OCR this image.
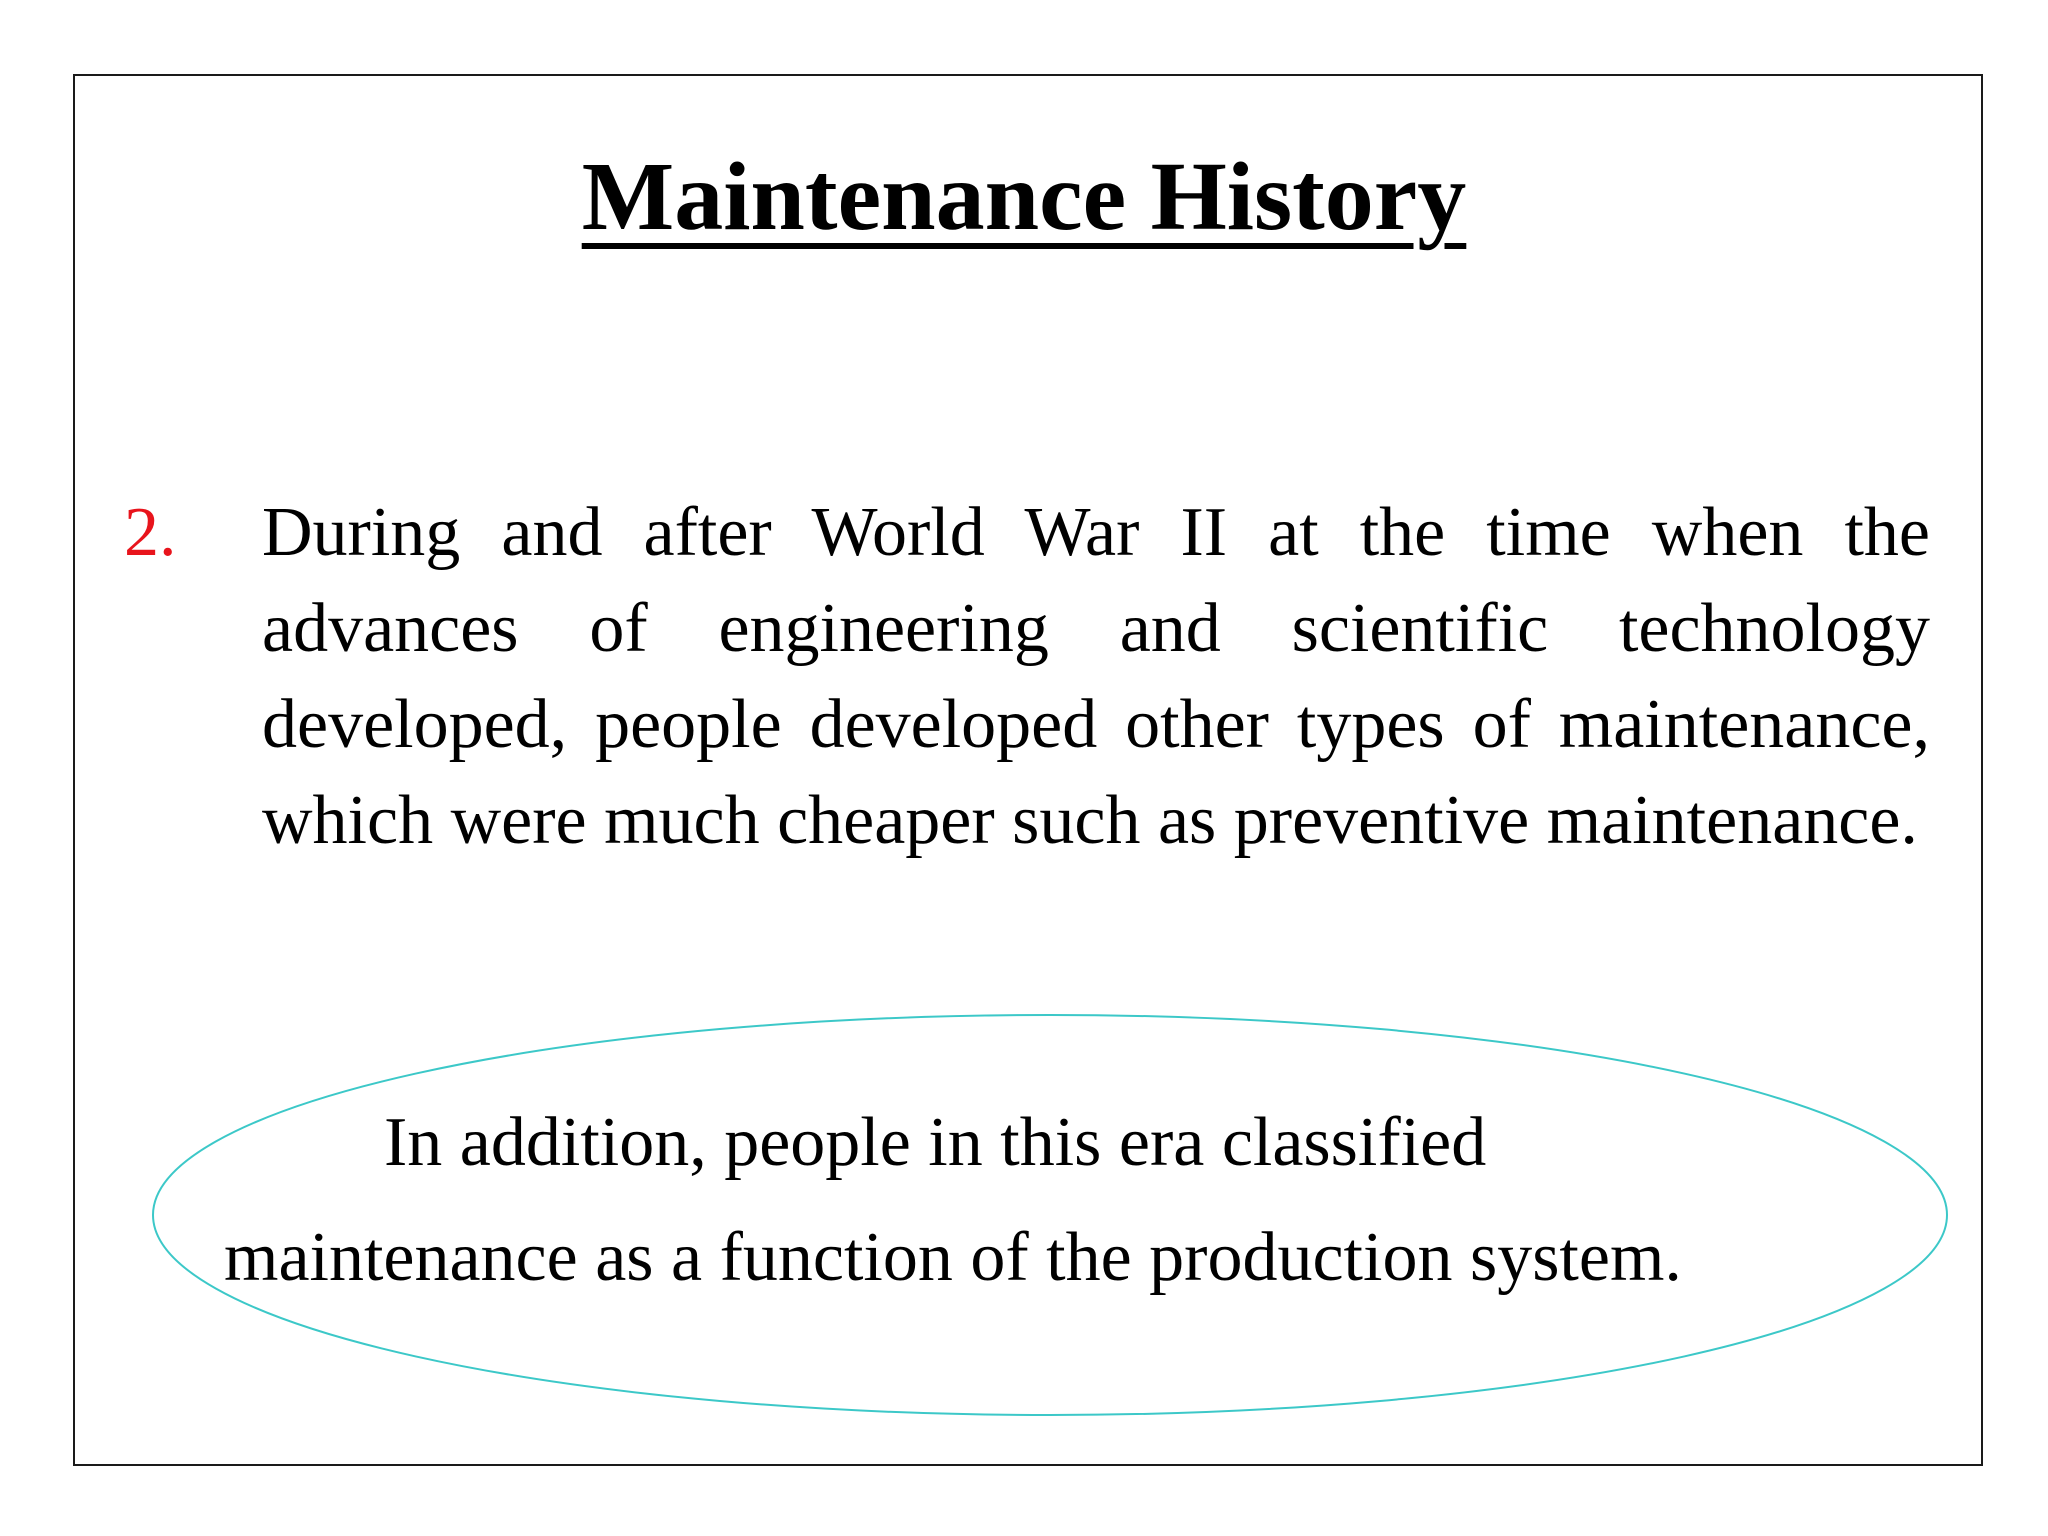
Maintenance History
2. During and after World War II at the time when the advances of engineering and scientific technology developed, people developed other types of maintenance, which were much cheaper such as preventive maintenance.

In addition, people in this era classified
maintenance as a function of the production system.
